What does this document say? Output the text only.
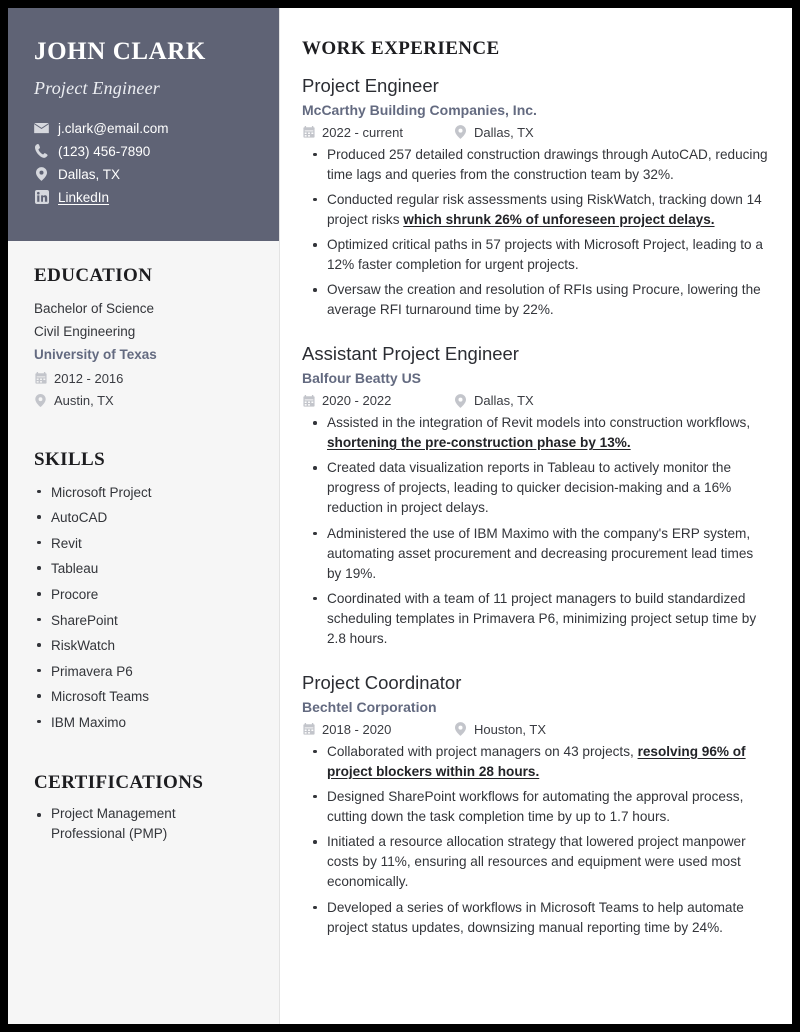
JOHN CLARK
Project Engineer
j.clark@email.com
(123) 456-7890
Dallas, TX
LinkedIn
EDUCATION
Bachelor of Science
Civil Engineering
University of Texas
2012 - 2016
Austin, TX
SKILLS
Microsoft Project
AutoCAD
Revit
Tableau
Procore
SharePoint
RiskWatch
Primavera P6
Microsoft Teams
IBM Maximo
CERTIFICATIONS
Project Management Professional (PMP)
WORK EXPERIENCE
Project Engineer
McCarthy Building Companies, Inc.
2022 - current	Dallas, TX
Produced 257 detailed construction drawings through AutoCAD, reducing time lags and queries from the construction team by 32%.
Conducted regular risk assessments using RiskWatch, tracking down 14 project risks which shrunk 26% of unforeseen project delays.
Optimized critical paths in 57 projects with Microsoft Project, leading to a 12% faster completion for urgent projects.
Oversaw the creation and resolution of RFIs using Procure, lowering the average RFI turnaround time by 22%.
Assistant Project Engineer
Balfour Beatty US
2020 - 2022	Dallas, TX
Assisted in the integration of Revit models into construction workflows, shortening the pre-construction phase by 13%.
Created data visualization reports in Tableau to actively monitor the progress of projects, leading to quicker decision-making and a 16% reduction in project delays.
Administered the use of IBM Maximo with the company's ERP system, automating asset procurement and decreasing procurement lead times by 19%.
Coordinated with a team of 11 project managers to build standardized scheduling templates in Primavera P6, minimizing project setup time by 2.8 hours.
Project Coordinator
Bechtel Corporation
2018 - 2020	Houston, TX
Collaborated with project managers on 43 projects, resolving 96% of project blockers within 28 hours.
Designed SharePoint workflows for automating the approval process, cutting down the task completion time by up to 1.7 hours.
Initiated a resource allocation strategy that lowered project manpower costs by 11%, ensuring all resources and equipment were used most economically.
Developed a series of workflows in Microsoft Teams to help automate project status updates, downsizing manual reporting time by 24%.
